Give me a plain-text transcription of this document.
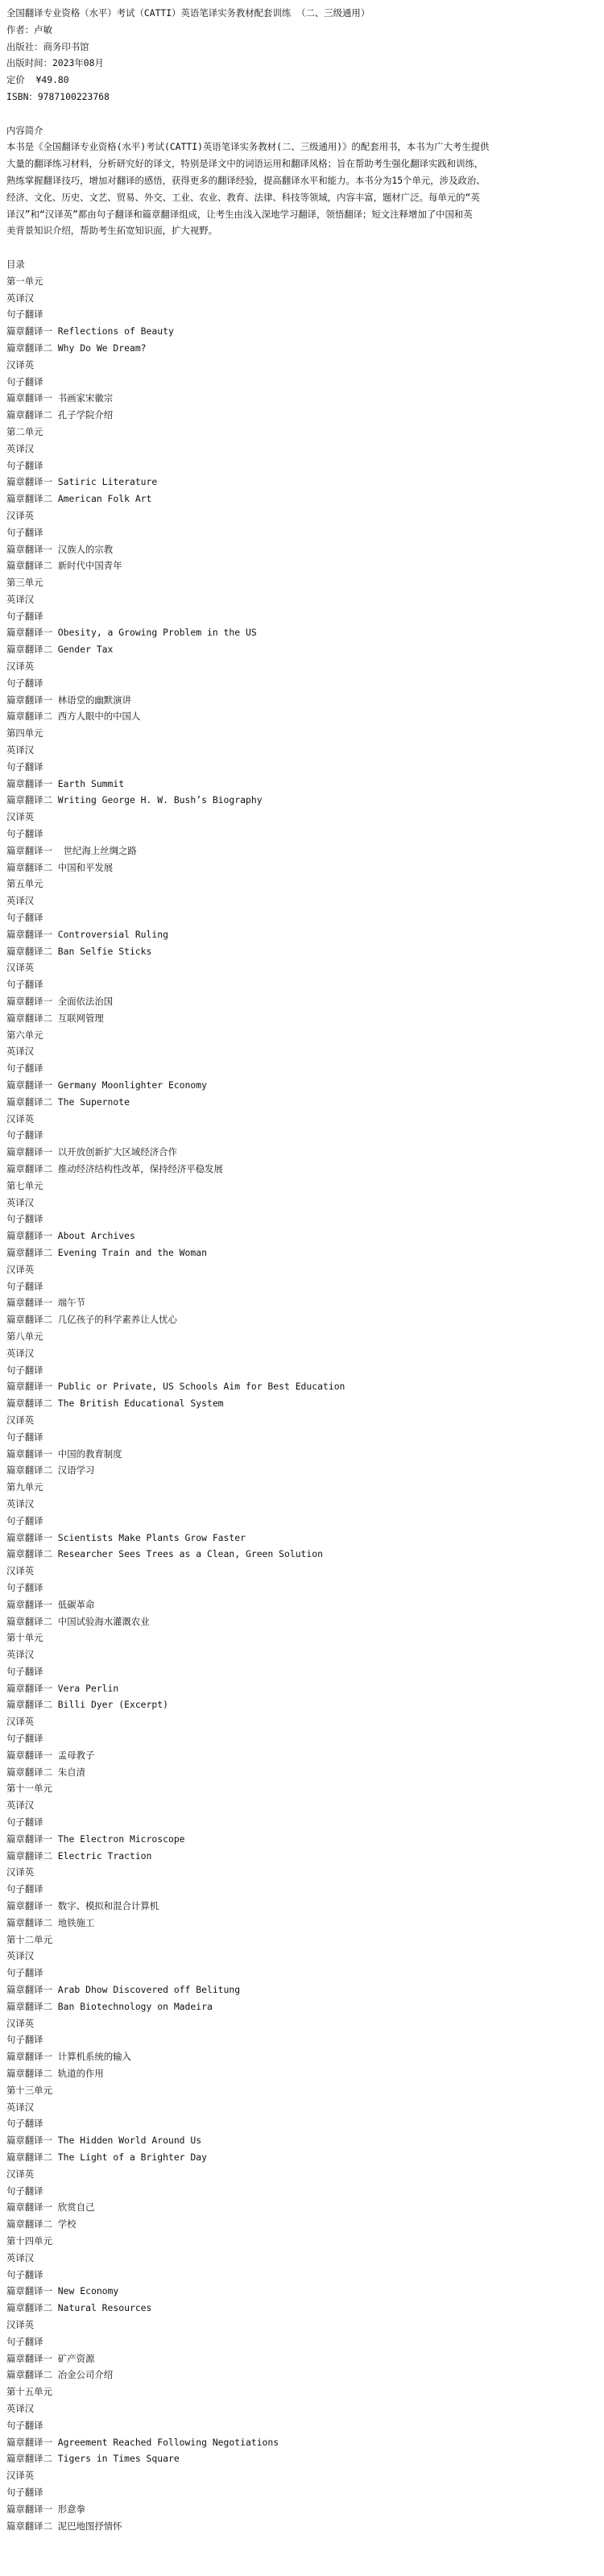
全国翻译专业资格（水平）考试（CATTI）英语笔译实务教材配套训练 （二、三级通用）
作者：卢敏
出版社：商务印书馆
出版时间：2023年08月
定价  ¥49.80
ISBN：9787100223768
内容简介
本书是《全国翻译专业资格(水平)考试(CATTI)英语笔译实务教材(二、三级通用)》的配套用书，本书为广大考生提供
大量的翻译练习材料，分析研究好的译文，特别是译文中的词语运用和翻译风格；旨在帮助考生强化翻译实践和训练，
熟练掌握翻译技巧，增加对翻译的感悟，获得更多的翻译经验，提高翻译水平和能力。本书分为15个单元，涉及政治、
经济、文化、历史、文艺、贸易、外交、工业、农业、教育、法律、科技等领域，内容丰富，题材广泛。每单元的“英
译汉”和“汉译英”都由句子翻译和篇章翻译组成，让考生由浅入深地学习翻译，领悟翻译；短文注释增加了中国和英
美背景知识介绍，帮助考生拓宽知识面，扩大视野。
目录
第一单元
英译汉
句子翻译
篇章翻译一 Reflections of Beauty
篇章翻译二 Why Do We Dream?
汉译英
句子翻译
篇章翻译一 书画家宋徽宗
篇章翻译二 孔子学院介绍
第二单元
英译汉
句子翻译
篇章翻译一 Satiric Literature
篇章翻译二 American Folk Art
汉译英
句子翻译
篇章翻译一 汉族人的宗教
篇章翻译二 新时代中国青年
第三单元
英译汉
句子翻译
篇章翻译一 Obesity, a Growing Problem in the US
篇章翻译二 Gender Tax
汉译英
句子翻译
篇章翻译一 林语堂的幽默演讲
篇章翻译二 西方人眼中的中国人
第四单元
英译汉
句子翻译
篇章翻译一 Earth Summit
篇章翻译二 Writing George H. W. Bush’s Biography
汉译英
句子翻译
篇章翻译一  世纪海上丝绸之路
篇章翻译二 中国和平发展
第五单元
英译汉
句子翻译
篇章翻译一 Controversial Ruling
篇章翻译二 Ban Selfie Sticks
汉译英
句子翻译
篇章翻译一 全面依法治国
篇章翻译二 互联网管理
第六单元
英译汉
句子翻译
篇章翻译一 Germany Moonlighter Economy
篇章翻译二 The Supernote
汉译英
句子翻译
篇章翻译一 以开放创新扩大区域经济合作
篇章翻译二 推动经济结构性改革，保持经济平稳发展
第七单元
英译汉
句子翻译
篇章翻译一 About Archives
篇章翻译二 Evening Train and the Woman
汉译英
句子翻译
篇章翻译一 端午节
篇章翻译二 几亿孩子的科学素养让人忧心
第八单元
英译汉
句子翻译
篇章翻译一 Public or Private, US Schools Aim for Best Education
篇章翻译二 The British Educational System
汉译英
句子翻译
篇章翻译一 中国的教育制度
篇章翻译二 汉语学习
第九单元
英译汉
句子翻译
篇章翻译一 Scientists Make Plants Grow Faster
篇章翻译二 Researcher Sees Trees as a Clean, Green Solution
汉译英
句子翻译
篇章翻译一 低碳革命
篇章翻译二 中国试验海水灌溉农业
第十单元
英译汉
句子翻译
篇章翻译一 Vera Perlin
篇章翻译二 Billi Dyer (Excerpt)
汉译英
句子翻译
篇章翻译一 孟母教子
篇章翻译二 朱自清
第十一单元
英译汉
句子翻译
篇章翻译一 The Electron Microscope
篇章翻译二 Electric Traction
汉译英
句子翻译
篇章翻译一 数字、模拟和混合计算机
篇章翻译二 地铁施工
第十二单元
英译汉
句子翻译
篇章翻译一 Arab Dhow Discovered off Belitung
篇章翻译二 Ban Biotechnology on Madeira
汉译英
句子翻译
篇章翻译一 计算机系统的输入
篇章翻译二 轨道的作用
第十三单元
英译汉
句子翻译
篇章翻译一 The Hidden World Around Us
篇章翻译二 The Light of a Brighter Day
汉译英
句子翻译
篇章翻译一 欣赏自己
篇章翻译二 学校
第十四单元
英译汉
句子翻译
篇章翻译一 New Economy
篇章翻译二 Natural Resources
汉译英
句子翻译
篇章翻译一 矿产资源
篇章翻译二 冶金公司介绍
第十五单元
英译汉
句子翻译
篇章翻译一 Agreement Reached Following Negotiations
篇章翻译二 Tigers in Times Square
汉译英
句子翻译
篇章翻译一 形意拳
篇章翻译二 泥巴地图抒情怀
